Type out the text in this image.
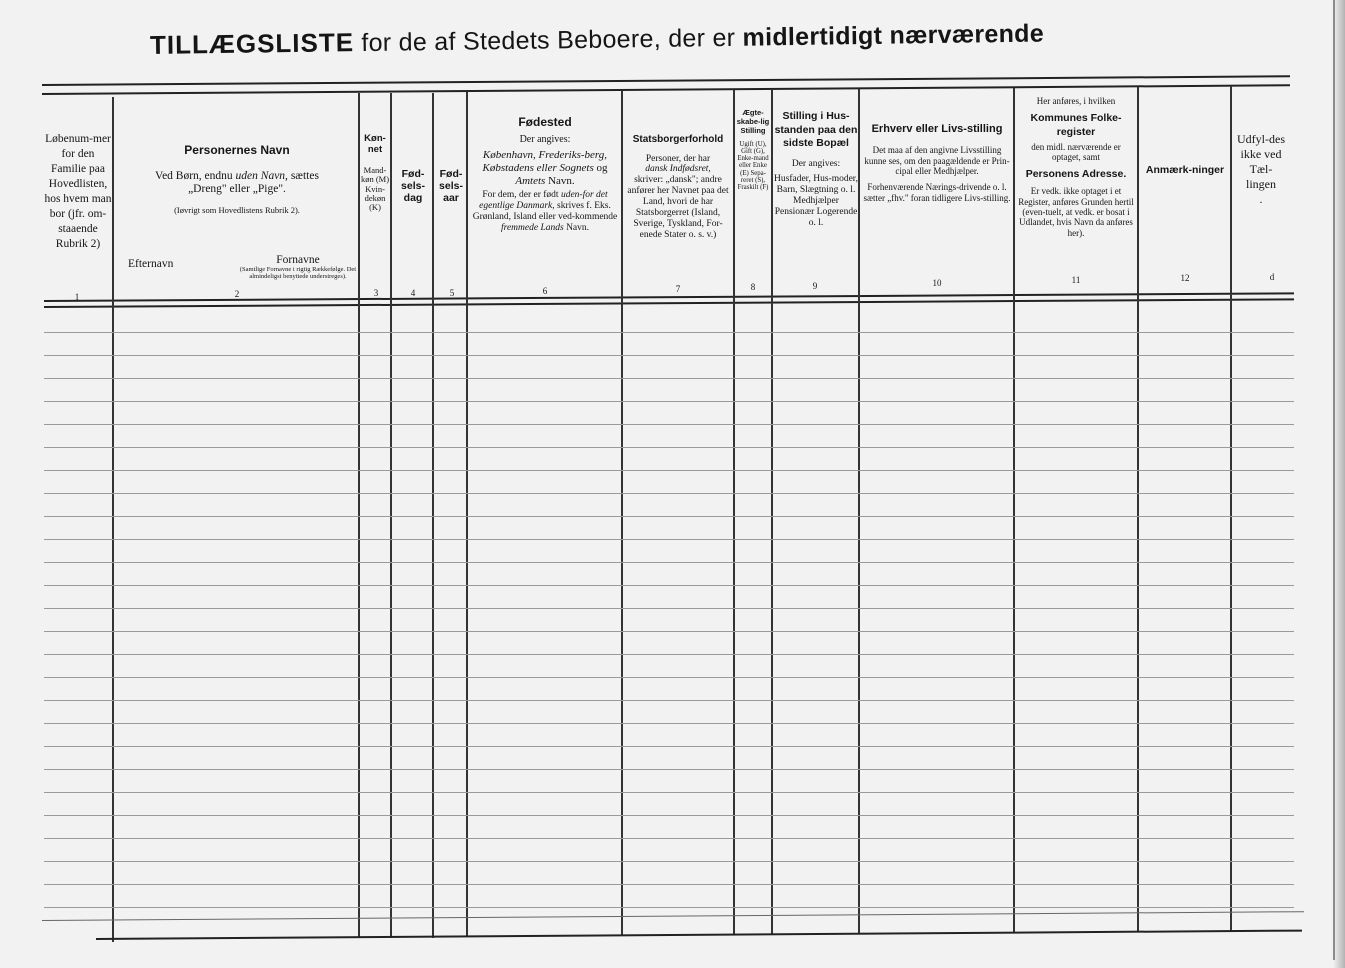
TILLÆGSLISTE for de af Stedets Beboere, der er midlertidigt nærværende
Løbenum-mer for den Familie paa Hovedlisten, hos hvem man bor (jfr. om-staaende Rubrik 2)
1
Personernes Navn
Ved Børn, endnu uden Navn, sættes
„Dreng" eller „Pige".
(Iøvrigt som Hovedlistens Rubrik 2).
Efternavn	Fornavne
(Samtlige Fornavne i rigtig Rækkefølge. Det almindeligst benyttede understreges).
2
Køn-net
Mand-køn (M) Kvin-dekøn (K)
3
Fød-sels-dag
4
Fød-sels-aar
5
Fødested
Der angives:
København, Frederiks-berg, Købstadens eller Sognets og Amtets Navn.
For dem, der er født uden-for det egentlige Danmark, skrives f. Eks. Grønland, Island eller ved-kommende fremmede Lands Navn.
6
Statsborgerforhold
Personer, der har
dansk Indfødsret,
skriver: „dansk"; andre anfører her Navnet paa det Land, hvori de har Statsborgerret (Island, Sverige, Tyskland, For-enede Stater o. s. v.)
7
Ægte-skabe-lig Stilling
Ugift (U), Gift (G), Enke-mand eller Enke (E) Sepa-reret (S), Fraskilt (F)
8
Stilling i Hus-standen paa den sidste Bopæl
Der angives:
Husfader, Hus-moder, Barn, Slægtning o. l. Medhjælper Pensionær Logerende o. l.
9
Erhverv eller Livs-stilling
Det maa af den angivne Livsstilling kunne ses, om den paagældende er Prin-cipal eller Medhjælper.
Forhenværende Nærings-drivende o. l. sætter „fhv." foran tidligere Livs-stilling.
10
Her anføres, i hvilken
Kommunes Folke-register
den midl. nærværende er optaget, samt
Personens Adresse.
Er vedk. ikke optaget i et Register, anføres Grunden hertil (even-tuelt, at vedk. er bosat i Udlandet, hvis Navn da anføres her).
11
Anmærk-ninger
12
Udfyl-des ikke ved Tæl-lingen
.
d
